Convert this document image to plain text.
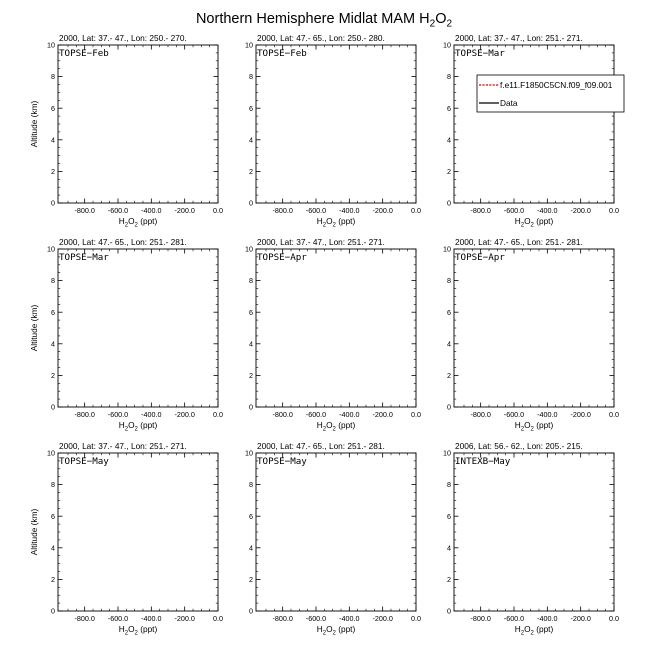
Northern Hemisphere Midlat MAM $H_2O_2$
-800.0 -600.0 -400.0 -200.0	0.0
0
2
4
6
8
10
2000, Lat: 37.- 47., Lon: 250.- 270.
TOPSE−Feb
$H_2O_2$ (ppt)
Altitude (km)
-800.0 -600.0 -400.0 -200.0	0.0
0
2
4
6
8
10
2000, Lat: 47.- 65., Lon: 250.- 280.
TOPSE−Feb
$H_2O_2$ (ppt)
-800.0 -600.0 -400.0 -200.0	0.0
0
2
4
6
8
10
2000, Lat: 37.- 47., Lon: 251.- 271.
TOPSE−Mar
$H_2O_2$ (ppt)
f.e11.F1850C5CN.f09_f09.001
Data
-800.0 -600.0 -400.0 -200.0	0.0
0
2
4
6
8
10
2000, Lat: 47.- 65., Lon: 251.- 281.
TOPSE−Mar
$H_2O_2$ (ppt)
Altitude (km)
-800.0 -600.0 -400.0 -200.0	0.0
0
2
4
6
8
10
2000, Lat: 37.- 47., Lon: 251.- 271.
TOPSE−Apr
$H_2O_2$ (ppt)
-800.0 -600.0 -400.0 -200.0	0.0
0
2
4
6
8
10
2000, Lat: 47.- 65., Lon: 251.- 281.
TOPSE−Apr
$H_2O_2$ (ppt)
-800.0 -600.0 -400.0 -200.0	0.0
0
2
4
6
8
10
2000, Lat: 37.- 47., Lon: 251.- 271.
TOPSE−May
$H_2O_2$ (ppt)
Altitude (km)
-800.0 -600.0 -400.0 -200.0	0.0
0
2
4
6
8
10
2000, Lat: 47.- 65., Lon: 251.- 281.
TOPSE−May
$H_2O_2$ (ppt)
-800.0 -600.0 -400.0 -200.0	0.0
0
2
4
6
8
10
2006, Lat: 56.- 62., Lon: 205.- 215.
INTEXB−May
$H_2O_2$ (ppt)
